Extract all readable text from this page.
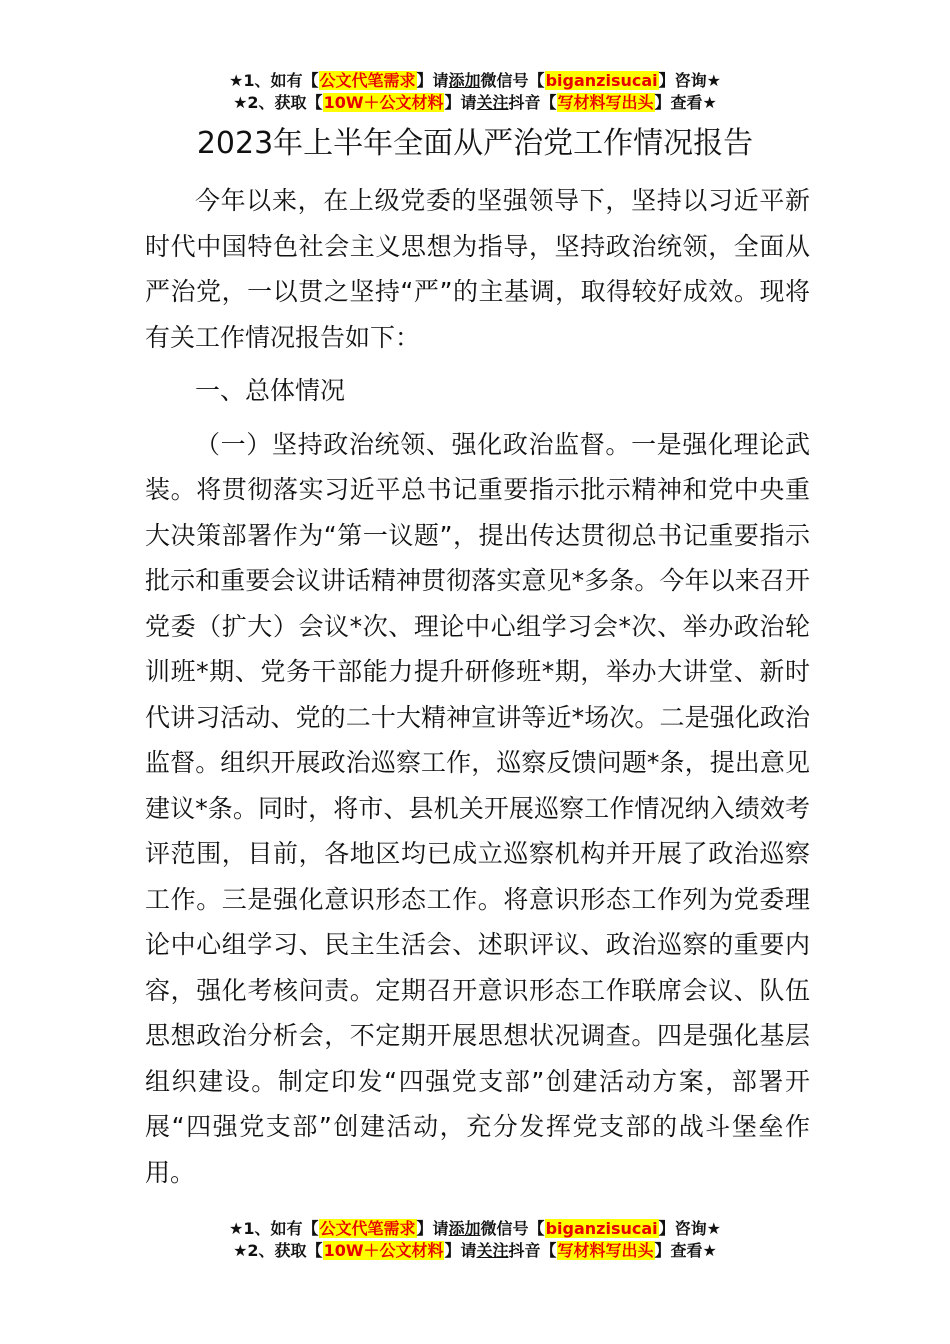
★1、如有【公文代笔需求】请添加微信号【biganzisucai】咨询★
★2、获取【10W＋公文材料】请关注抖音【写材料写出头】查看★
2023年上半年全面从严治党工作情况报告

今年以来，在上级党委的坚强领导下，坚持以习近平新时代中国特色社会主义思想为指导，坚持政治统领，全面从严治党，一以贯之坚持“严”的主基调，取得较好成效。现将有关工作情况报告如下：

一、总体情况

（一）坚持政治统领、强化政治监督。一是强化理论武装。将贯彻落实习近平总书记重要指示批示精神和党中央重大决策部署作为“第一议题”，提出传达贯彻总书记重要指示批示和重要会议讲话精神贯彻落实意见*多条。今年以来召开党委（扩大）会议*次、理论中心组学习会*次、举办政治轮训班*期、党务干部能力提升研修班*期，举办大讲堂、新时代讲习活动、党的二十大精神宣讲等近*场次。二是强化政治监督。组织开展政治巡察工作，巡察反馈问题*条，提出意见建议*条。同时，将市、县机关开展巡察工作情况纳入绩效考评范围，目前，各地区均已成立巡察机构并开展了政治巡察工作。三是强化意识形态工作。将意识形态工作列为党委理论中心组学习、民主生活会、述职评议、政治巡察的重要内容，强化考核问责。定期召开意识形态工作联席会议、队伍思想政治分析会，不定期开展思想状况调查。四是强化基层组织建设。制定印发“四强党支部”创建活动方案，部署开展“四强党支部”创建活动，充分发挥党支部的战斗堡垒作用。

★1、如有【公文代笔需求】请添加微信号【biganzisucai】咨询★
★2、获取【10W＋公文材料】请关注抖音【写材料写出头】查看★
